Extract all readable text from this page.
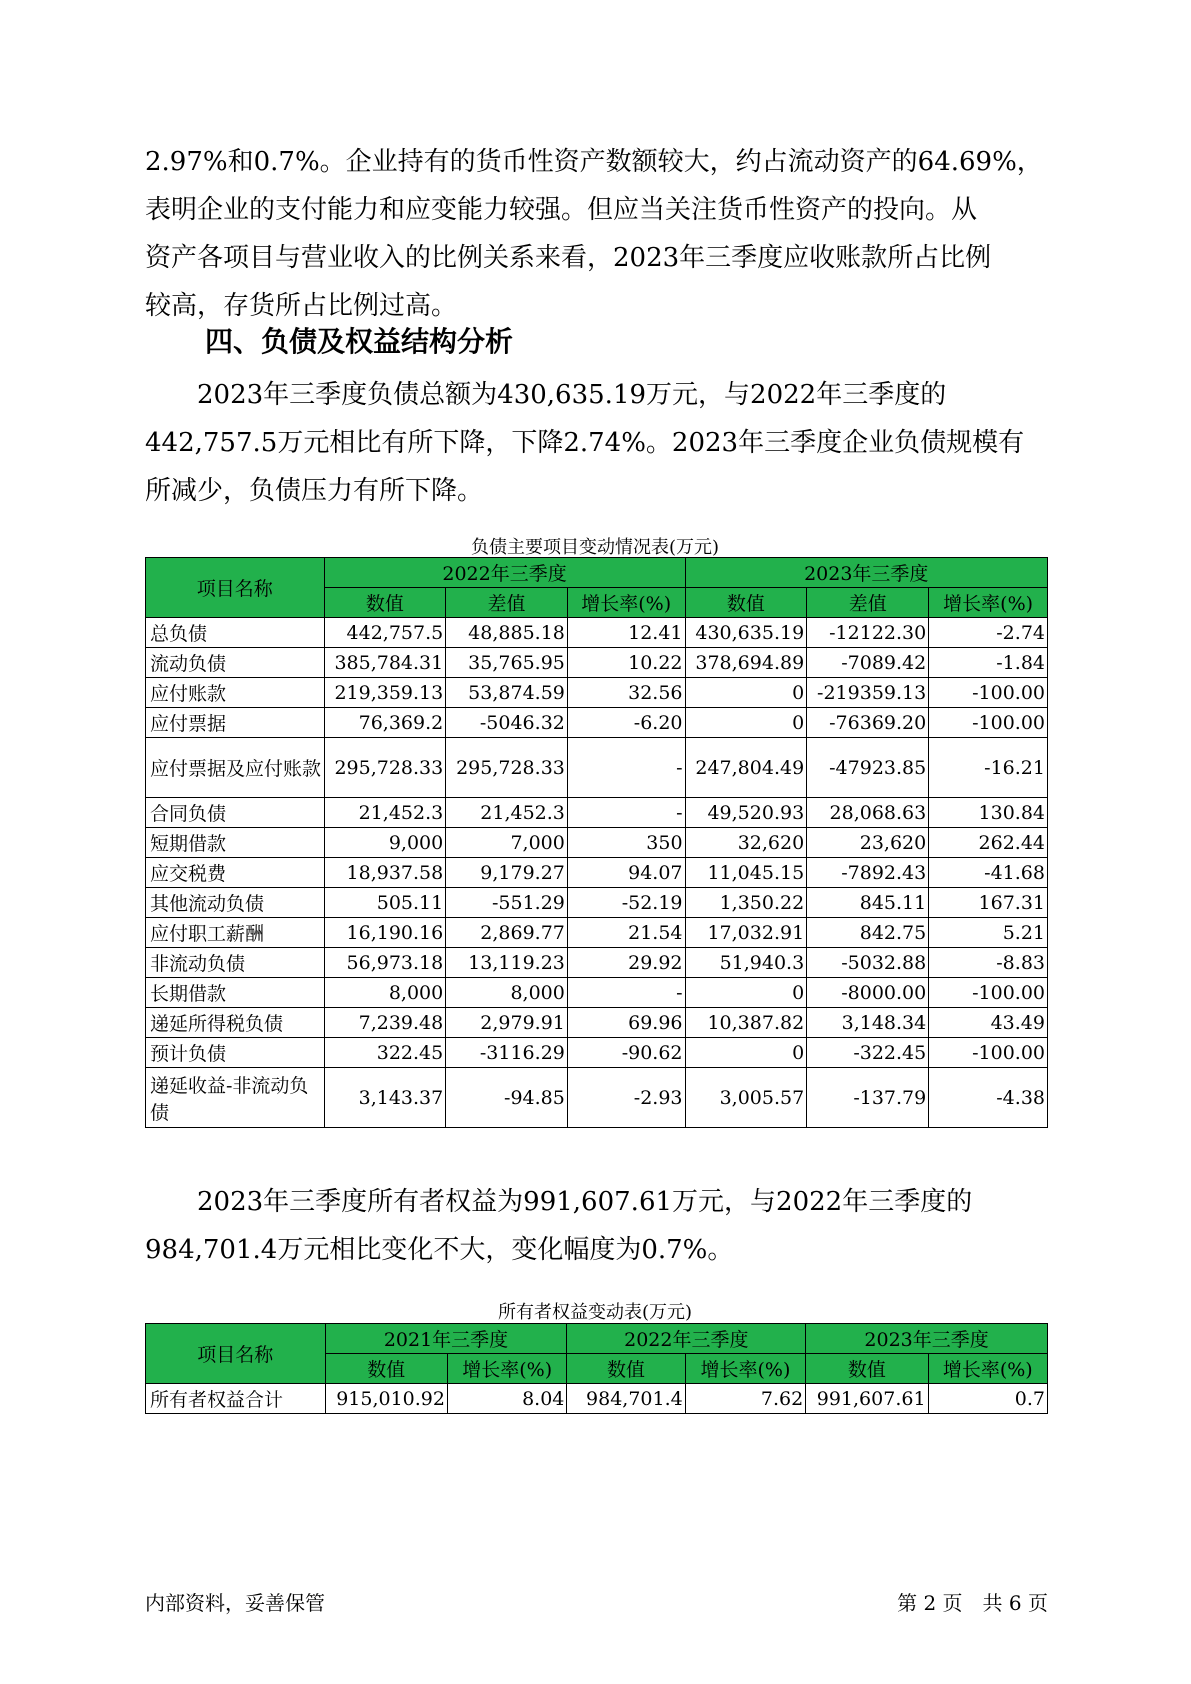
2.97%和0.7%。企业持有的货币性资产数额较大，约占流动资产的64.69%，
表明企业的支付能力和应变能力较强。但应当关注货币性资产的投向。从
资产各项目与营业收入的比例关系来看，2023年三季度应收账款所占比例
较高，存货所占比例过高。
四、负债及权益结构分析
　　2023年三季度负债总额为430,635.19万元，与2022年三季度的
442,757.5万元相比有所下降，下降2.74%。2023年三季度企业负债规模有
所减少，负债压力有所下降。
负债主要项目变动情况表(万元)
项目名称	2022年三季度			2023年三季度		
	数值	差值	增长率(%)	数值	差值	增长率(%)
总负债	442,757.5	48,885.18	12.41	430,635.19	-12122.30	-2.74
流动负债	385,784.31	35,765.95	10.22	378,694.89	-7089.42	-1.84
应付账款	219,359.13	53,874.59	32.56	0	-219359.13	-100.00
应付票据	76,369.2	-5046.32	-6.20	0	-76369.20	-100.00
应付票据及应付账款	295,728.33	295,728.33	-	247,804.49	-47923.85	-16.21
合同负债	21,452.3	21,452.3	-	49,520.93	28,068.63	130.84
短期借款	9,000	7,000	350	32,620	23,620	262.44
应交税费	18,937.58	9,179.27	94.07	11,045.15	-7892.43	-41.68
其他流动负债	505.11	-551.29	-52.19	1,350.22	845.11	167.31
应付职工薪酬	16,190.16	2,869.77	21.54	17,032.91	842.75	5.21
非流动负债	56,973.18	13,119.23	29.92	51,940.3	-5032.88	-8.83
长期借款	8,000	8,000	-	0	-8000.00	-100.00
递延所得税负债	7,239.48	2,979.91	69.96	10,387.82	3,148.34	43.49
预计负债	322.45	-3116.29	-90.62	0	-322.45	-100.00
递延收益-非流动负债	3,143.37	-94.85	-2.93	3,005.57	-137.79	-4.38
　　2023年三季度所有者权益为991,607.61万元，与2022年三季度的
984,701.4万元相比变化不大，变化幅度为0.7%。
所有者权益变动表(万元)
项目名称	2021年三季度		2022年三季度		2023年三季度	
	数值	增长率(%)	数值	增长率(%)	数值	增长率(%)
所有者权益合计	915,010.92	8.04	984,701.4	7.62	991,607.61	0.7
内部资料，妥善保管	第 2 页　共 6 页
